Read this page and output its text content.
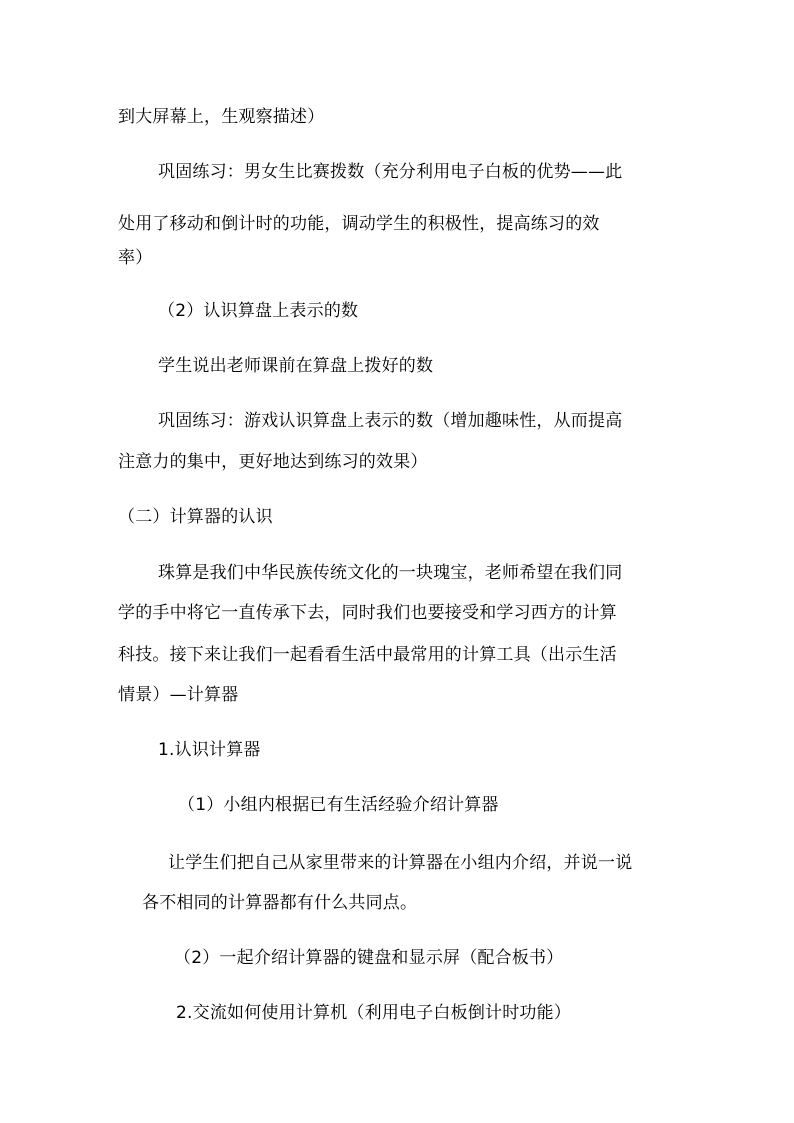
到大屏幕上，生观察描述）
巩固练习：男女生比赛拨数（充分利用电子白板的优势——此
处用了移动和倒计时的功能，调动学生的积极性，提高练习的效
率）
（2）认识算盘上表示的数
学生说出老师课前在算盘上拨好的数
巩固练习：游戏认识算盘上表示的数（增加趣味性，从而提高
注意力的集中，更好地达到练习的效果）
（二）计算器的认识
珠算是我们中华民族传统文化的一块瑰宝，老师希望在我们同
学的手中将它一直传承下去，同时我们也要接受和学习西方的计算
科技。接下来让我们一起看看生活中最常用的计算工具（出示生活
情景）—计算器
1.认识计算器
（1）小组内根据已有生活经验介绍计算器
让学生们把自己从家里带来的计算器在小组内介绍，并说一说
各不相同的计算器都有什么共同点。
（2）一起介绍计算器的键盘和显示屏（配合板书）
2.交流如何使用计算机（利用电子白板倒计时功能）
